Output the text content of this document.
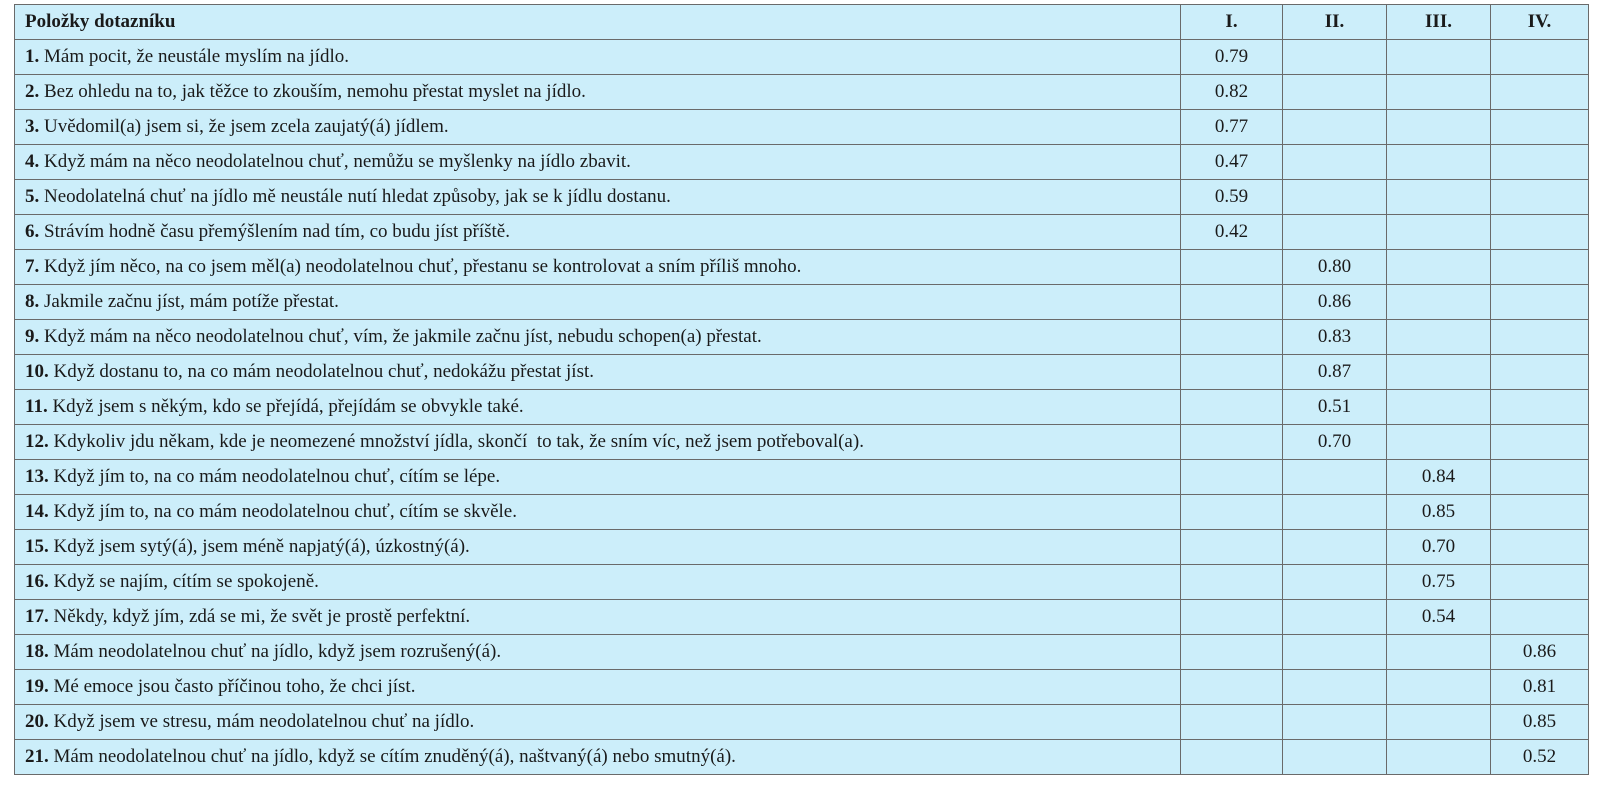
Položky dotazníku	I.	II.	III.	IV.
1. Mám pocit, že neustále myslím na jídlo.	0.79			
2. Bez ohledu na to, jak těžce to zkouším, nemohu přestat myslet na jídlo.	0.82			
3. Uvědomil(a) jsem si, že jsem zcela zaujatý(á) jídlem.	0.77			
4. Když mám na něco neodolatelnou chuť, nemůžu se myšlenky na jídlo zbavit.	0.47			
5. Neodolatelná chuť na jídlo mě neustále nutí hledat způsoby, jak se k jídlu dostanu.	0.59			
6. Strávím hodně času přemýšlením nad tím, co budu jíst příště.	0.42			
7. Když jím něco, na co jsem měl(a) neodolatelnou chuť, přestanu se kontrolovat a sním příliš mnoho.		0.80		
8. Jakmile začnu jíst, mám potíže přestat.		0.86		
9. Když mám na něco neodolatelnou chuť, vím, že jakmile začnu jíst, nebudu schopen(a) přestat.		0.83		
10. Když dostanu to, na co mám neodolatelnou chuť, nedokážu přestat jíst.		0.87		
11. Když jsem s někým, kdo se přejídá, přejídám se obvykle také.		0.51		
12. Kdykoliv jdu někam, kde je neomezené množství jídla, skončí  to tak, že sním víc, než jsem potřeboval(a).		0.70		
13. Když jím to, na co mám neodolatelnou chuť, cítím se lépe.			0.84	
14. Když jím to, na co mám neodolatelnou chuť, cítím se skvěle.			0.85	
15. Když jsem sytý(á), jsem méně napjatý(á), úzkostný(á).			0.70	
16. Když se najím, cítím se spokojeně.			0.75	
17. Někdy, když jím, zdá se mi, že svět je prostě perfektní.			0.54	
18. Mám neodolatelnou chuť na jídlo, když jsem rozrušený(á).				0.86
19. Mé emoce jsou často příčinou toho, že chci jíst.				0.81
20. Když jsem ve stresu, mám neodolatelnou chuť na jídlo.				0.85
21. Mám neodolatelnou chuť na jídlo, když se cítím znuděný(á), naštvaný(á) nebo smutný(á).				0.52
